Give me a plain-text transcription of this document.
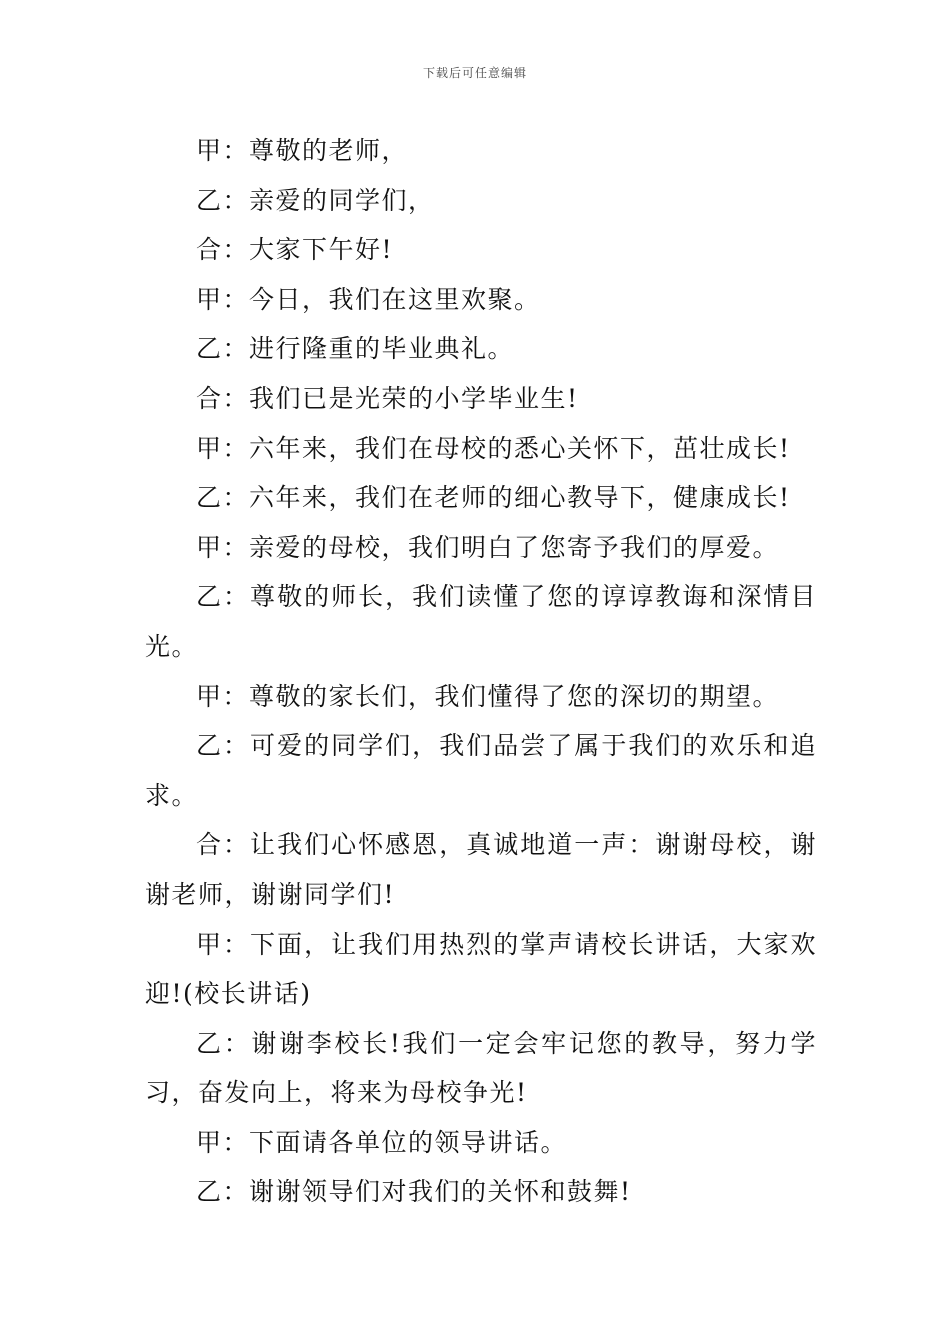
下载后可任意编辑

甲：尊敬的老师，

乙：亲爱的同学们，

合：大家下午好!

甲：今日，我们在这里欢聚。

乙：进行隆重的毕业典礼。

合：我们已是光荣的小学毕业生!

甲：六年来，我们在母校的悉心关怀下，茁壮成长!

乙：六年来，我们在老师的细心教导下，健康成长!

甲：亲爱的母校，我们明白了您寄予我们的厚爱。

乙：尊敬的师长，我们读懂了您的谆谆教诲和深情目光。

甲：尊敬的家长们，我们懂得了您的深切的期望。

乙：可爱的同学们，我们品尝了属于我们的欢乐和追求。

合：让我们心怀感恩，真诚地道一声：谢谢母校，谢谢老师，谢谢同学们!

甲：下面，让我们用热烈的掌声请校长讲话，大家欢迎!(校长讲话)

乙：谢谢李校长!我们一定会牢记您的教导，努力学习，奋发向上，将来为母校争光!

甲：下面请各单位的领导讲话。

乙：谢谢领导们对我们的关怀和鼓舞!
